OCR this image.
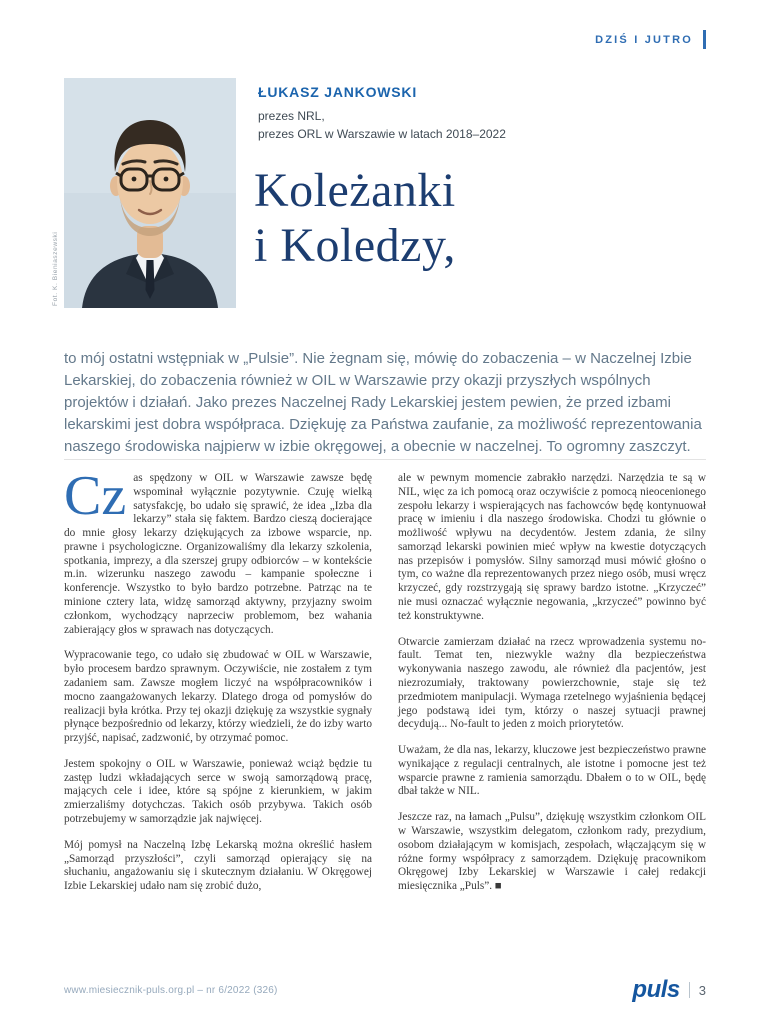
DZIŚ I JUTRO
Fot. K. Bieniaszewski
ŁUKASZ JANKOWSKI
prezes NRL,
prezes ORL w Warszawie w latach 2018–2022
Koleżanki
i Koledzy,
to mój ostatni wstępniak w „Pulsie”. Nie żegnam się, mówię do zobaczenia – w Naczelnej Izbie Lekarskiej, do zobaczenia również w OIL w Warszawie przy okazji przyszłych wspólnych projektów i działań. Jako prezes Naczelnej Rady Lekarskiej jestem pewien, że przed izbami lekarskimi jest dobra współpraca. Dziękuję za Państwa zaufanie, za możliwość reprezentowania naszego środowiska najpierw w izbie okręgowej, a obecnie w naczelnej. To ogromny zaszczyt.

Cz as spędzony w OIL w Warszawie zawsze będę wspominał wyłącznie pozytywnie. Czuję wielką satysfakcję, bo udało się sprawić, że idea „Izba dla lekarzy” stała się faktem. Bardzo cieszą docierające do mnie głosy lekarzy dziękujących za izbowe wsparcie, np. prawne i psychologiczne. Organizowaliśmy dla lekarzy szkolenia, spotkania, imprezy, a dla szerszej grupy odbiorców – w kontekście m.in. wizerunku naszego zawodu – kampanie społeczne i konferencje. Wszystko to było bardzo potrzebne. Patrząc na te minione cztery lata, widzę samorząd aktywny, przyjazny swoim członkom, wychodzący naprzeciw problemom, bez wahania zabierający głos w sprawach nas dotyczących.

Wypracowanie tego, co udało się zbudować w OIL w Warszawie, było procesem bardzo sprawnym. Oczywiście, nie zostałem z tym zadaniem sam. Zawsze mogłem liczyć na współpracowników i mocno zaangażowanych lekarzy. Dlatego droga od pomysłów do realizacji była krótka. Przy tej okazji dziękuję za wszystkie sygnały płynące bezpośrednio od lekarzy, którzy wiedzieli, że do izby warto przyjść, napisać, zadzwonić, by otrzymać pomoc.

Jestem spokojny o OIL w Warszawie, ponieważ wciąż będzie tu zastęp ludzi wkładających serce w swoją samorządową pracę, mających cele i idee, które są spójne z kierunkiem, w jakim zmierzaliśmy dotychczas. Takich osób przybywa. Takich osób potrzebujemy w samorządzie jak najwięcej.

Mój pomysł na Naczelną Izbę Lekarską można określić hasłem „Samorząd przyszłości”, czyli samorząd opierający się na słuchaniu, angażowaniu się i skutecznym działaniu. W Okręgowej Izbie Lekarskiej udało nam się zrobić dużo,

ale w pewnym momencie zabrakło narzędzi. Narzędzia te są w NIL, więc za ich pomocą oraz oczywiście z pomocą nieocenionego zespołu lekarzy i wspierających nas fachowców będę kontynuował pracę w imieniu i dla naszego środowiska. Chodzi tu głównie o możliwość wpływu na decydentów. Jestem zdania, że silny samorząd lekarski powinien mieć wpływ na kwestie dotyczących nas przepisów i pomysłów. Silny samorząd musi mówić głośno o tym, co ważne dla reprezentowanych przez niego osób, musi wręcz krzyczeć, gdy rozstrzygają się sprawy bardzo istotne. „Krzyczeć” nie musi oznaczać wyłącznie negowania, „krzyczeć” powinno być też konstruktywne.

Otwarcie zamierzam działać na rzecz wprowadzenia systemu no-fault. Temat ten, niezwykle ważny dla bezpieczeństwa wykonywania naszego zawodu, ale również dla pacjentów, jest niezrozumiały, traktowany powierzchownie, staje się też przedmiotem manipulacji. Wymaga rzetelnego wyjaśnienia będącej jego podstawą idei tym, którzy o naszej sytuacji prawnej decydują... No-fault to jeden z moich priorytetów.

Uważam, że dla nas, lekarzy, kluczowe jest bezpieczeństwo prawne wynikające z regulacji centralnych, ale istotne i pomocne jest też wsparcie prawne z ramienia samorządu. Dbałem o to w OIL, będę dbał także w NIL.

Jeszcze raz, na łamach „Pulsu”, dziękuję wszystkim członkom OIL w Warszawie, wszystkim delegatom, członkom rady, prezydium, osobom działającym w komisjach, zespołach, włączającym się w różne formy współpracy z samorządem. Dziękuję pracownikom Okręgowej Izby Lekarskiej w Warszawie i całej redakcji miesięcznika „Puls”. ■

www.miesiecznik-puls.org.pl – nr 6/2022 (326)	puls 3
